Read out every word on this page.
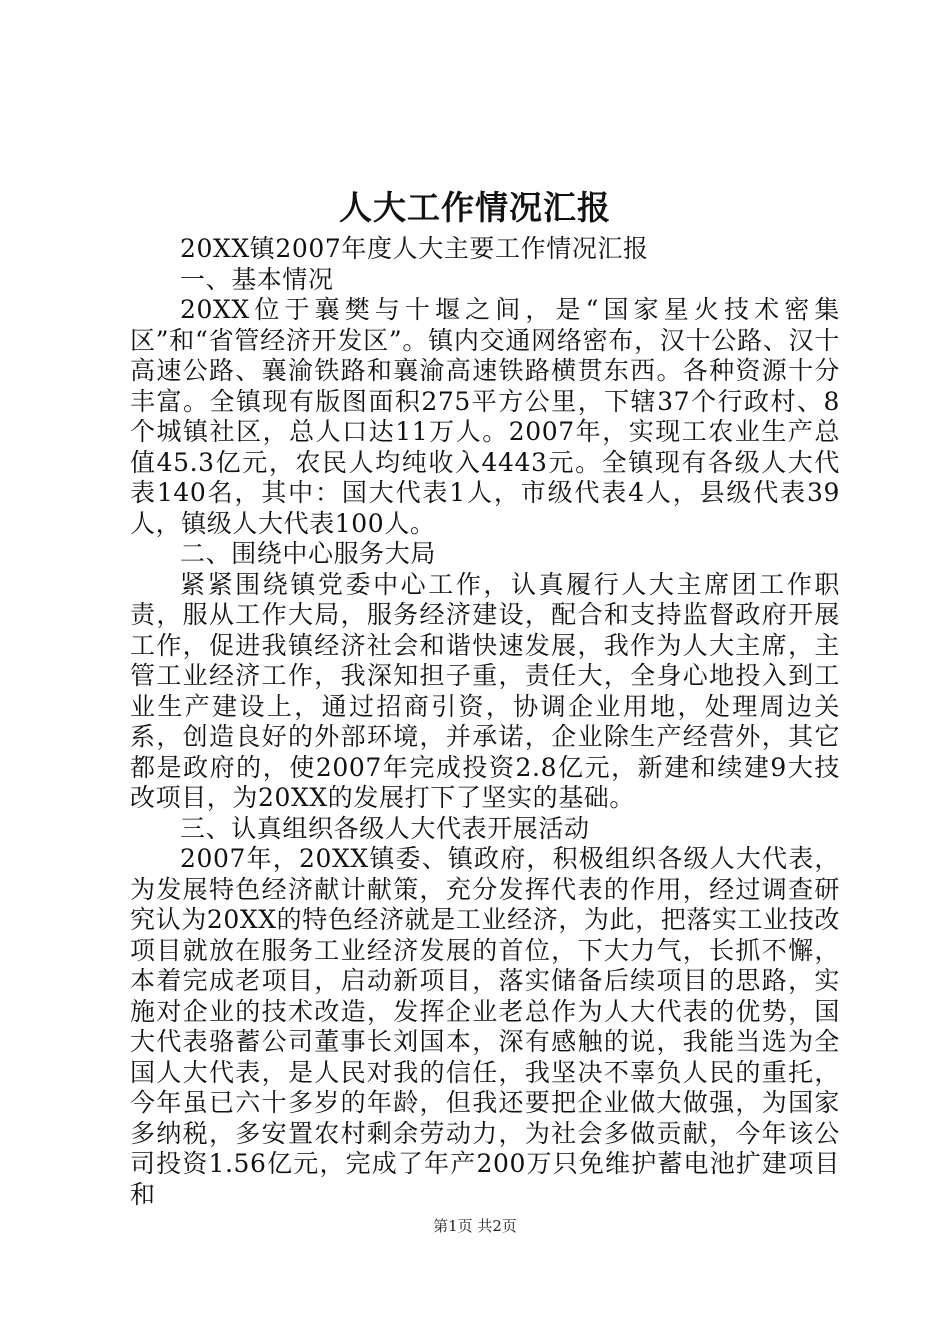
人大工作情况汇报

20XX镇2007年度人大主要工作情况汇报

一、基本情况

20XX位于襄樊与十堰之间，是“国家星火技术密集区”和“省管经济开发区”。镇内交通网络密布，汉十公路、汉十高速公路、襄渝铁路和襄渝高速铁路横贯东西。各种资源十分丰富。全镇现有版图面积275平方公里，下辖37个行政村、8个城镇社区，总人口达11万人。2007年，实现工农业生产总值45.3亿元，农民人均纯收入4443元。全镇现有各级人大代表140名，其中：国大代表1人，市级代表4人，县级代表39人，镇级人大代表100人。

二、围绕中心服务大局

紧紧围绕镇党委中心工作，认真履行人大主席团工作职责，服从工作大局，服务经济建设，配合和支持监督政府开展工作，促进我镇经济社会和谐快速发展，我作为人大主席，主管工业经济工作，我深知担子重，责任大，全身心地投入到工业生产建设上，通过招商引资，协调企业用地，处理周边关系，创造良好的外部环境，并承诺，企业除生产经营外，其它都是政府的，使2007年完成投资2.8亿元，新建和续建9大技改项目，为20XX的发展打下了坚实的基础。

三、认真组织各级人大代表开展活动

2007年，20XX镇委、镇政府，积极组织各级人大代表，为发展特色经济献计献策，充分发挥代表的作用，经过调查研究认为20XX的特色经济就是工业经济，为此，把落实工业技改项目就放在服务工业经济发展的首位，下大力气，长抓不懈，本着完成老项目，启动新项目，落实储备后续项目的思路，实施对企业的技术改造，发挥企业老总作为人大代表的优势，国大代表骆蓄公司董事长刘国本，深有感触的说，我能当选为全国人大代表，是人民对我的信任，我坚决不辜负人民的重托，今年虽已六十多岁的年龄，但我还要把企业做大做强，为国家多纳税，多安置农村剩余劳动力，为社会多做贡献，今年该公司投资1.56亿元，完成了年产200万只免维护蓄电池扩建项目和

第1页 共2页
